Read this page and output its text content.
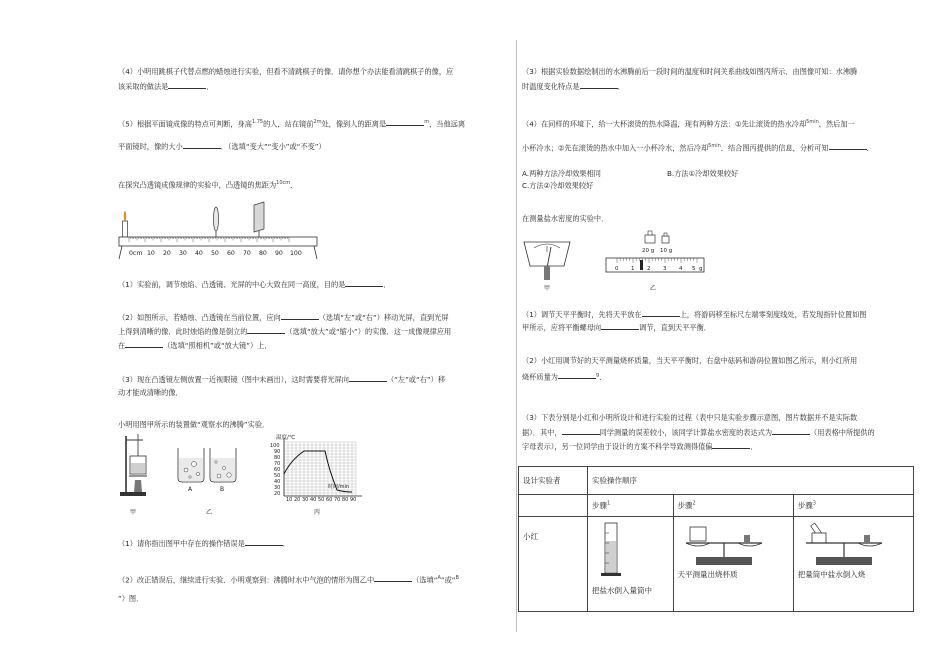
（4）小明用跳棋子代替点燃的蜡烛进行实验，但看不清跳棋子的像．请你想个办法能看清跳棋子的像，应
该采取的做法是	．
（5）根据平面镜成像的特点可判断，身高$^{1.75}$的人，站在镜前$^{2m}$处，像到人的距离是	$^m$，当他远离
平面镜时，像的大小	．（选填“变大”“变小”或“不变”）
在探究凸透镜成像规律的实验中，凸透镜的焦距为$^{10cm}$．
0cm 10 20 30 40 50 60 70 80 90 100
（1）实验前，调节烛焰、凸透镜、光屏的中心大致在同一高度，目的是	．
（2）如图所示，若蜡烛、凸透镜在当前位置，应向	（选填“左”或“右”）移动光屏，直到光屏
上得到清晰的像．此时烛焰的像是倒立的	（选填“放大”或“缩小”）的实像．这一成像规律应用
在	（选填“照相机”或“放大镜”）上．
（3）现在凸透镜左侧放置一近视眼镜（图中未画出），这时需要将光屏向	（“左”或“右”）移
动才能成清晰的像．
小明用图甲所示的装置做“观察水的沸腾”实验．
A	B
温度/℃
100
90
80
70
60
50
40
30
20
10 20 30 40 50 60 70 80 90
时间/min
甲	乙	丙
（1）请你指出图甲中存在的操作错误是	．
（2）改正错误后，继续进行实验．小明观察到：沸腾时水中气泡的情形为图乙中	（选填“$^A$”或“$^B$
”）图．
（3）根据实验数据绘制出的水沸腾前后一段时间的温度和时间关系曲线如图丙所示．由图像可知：水沸腾
时温度变化特点是	．
（4）在同样的环境下，给一大杯滚烫的热水降温，现有两种方法：①先让滚烫的热水冷却$^{5min}$，然后加一
小杯冷水；②先在滚烫的热水中加入一小杯冷水，然后冷却$^{5min}$．结合图丙提供的信息，分析可知	．
A.两种方法冷却效果相同	B.方法①冷却效果较好
C.方法②冷却效果较好
在测量盐水密度的实验中．
20 g 10 g
0 1 2 3 4 5 g
甲	乙
（1）调节天平平衡时，先将天平放在	上，将游码移至标尺左端零刻度线处，若发现指针位置如图
甲所示，应将平衡螺母向	调节，直到天平平衡．
（2）小红用调节好的天平测量烧杯质量，当天平平衡时，右盘中砝码和游码位置如图乙所示，则小红所用
烧杯质量为	$^g$．
（3）下表分别是小红和小明所设计和进行实验的过程（表中只是实验步骤示意图，图片数据并不是实际数
据）．其中，	同学测量的误差较小，该同学计算盐水密度的表达式为	（用表格中所提供的
字母表示），另一位同学由于设计的方案不科学导致测得值偏	．
设计实验者	实验操作顺序		
	步骤$^1$	步骤$^2$	步骤$^3$
小红	把盐水倒入量筒中	天平测量出烧杯质	把量筒中盐水倒入烧
